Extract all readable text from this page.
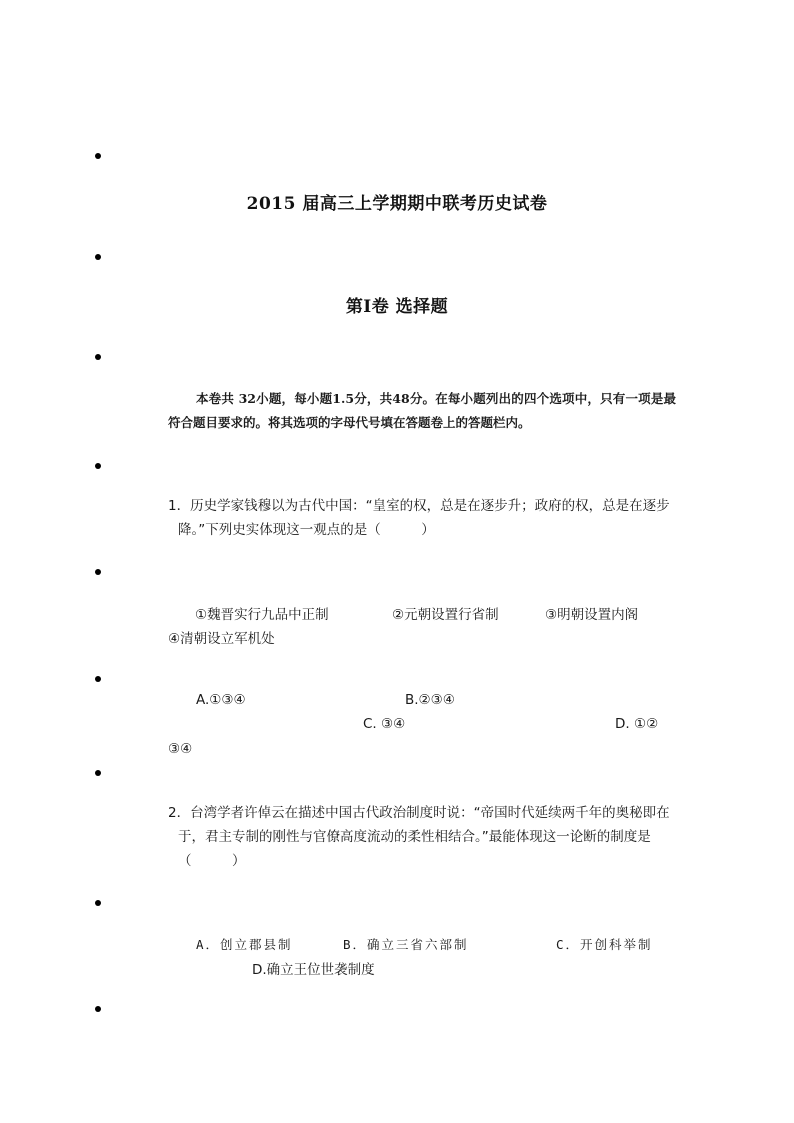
2015 届高三上学期期中联考历史试卷
第Ⅰ卷 选择题

本卷共 32小题，每小题1.5分，共48分。在每小题列出的四个选项中，只有一项是最符合题目要求的。将其选项的字母代号填在答题卷上的答题栏内。

1．历史学家钱穆以为古代中国：“皇室的权，总是在逐步升；政府的权，总是在逐步降。”下列史实体现这一观点的是（　　　）

①魏晋实行九品中正制	②元朝设置行省制	③明朝设置内阁
④清朝设立军机处
A.①③④	B.②③④
C. ③④	D. ①②
③④

2．台湾学者许倬云在描述中国古代政治制度时说：“帝国时代延续两千年的奥秘即在于，君主专制的刚性与官僚高度流动的柔性相结合。”最能体现这一论断的制度是（　　　）

A．创立郡县制	B．确立三省六部制	C．开创科举制
D.确立王位世袭制度
